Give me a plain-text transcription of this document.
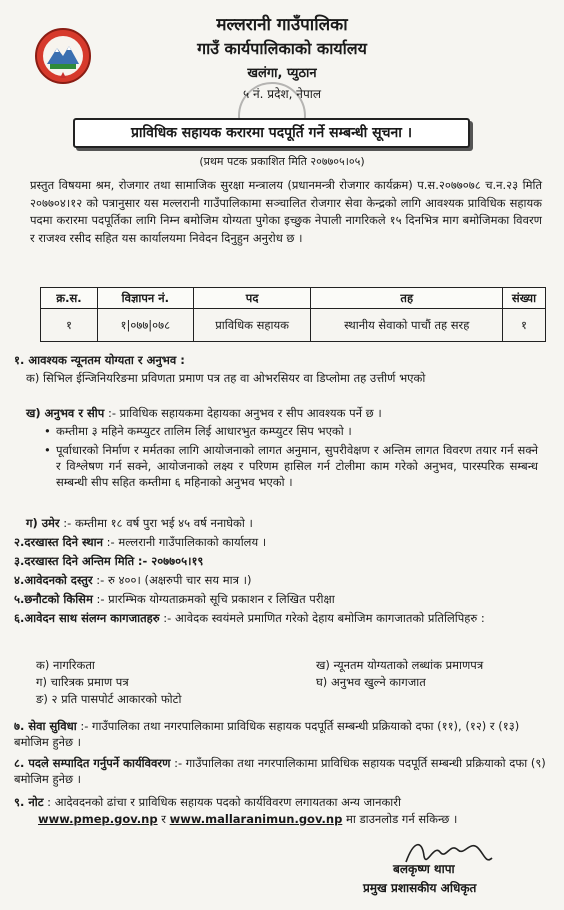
मल्लरानी गाउँपालिका
गाउँ कार्यपालिकाको कार्यालय
खलंगा, प्युठान
५ नं. प्रदेश, नेपाल
प्राविधिक सहायक करारमा पदपूर्ति गर्ने सम्बन्धी सूचना ।
(प्रथम पटक प्रकाशित मिति २०७७०५।०५)
प्रस्तुत विषयमा श्रम, रोजगार तथा सामाजिक सुरक्षा मन्त्रालय (प्रधानमन्त्री रोजगार कार्यक्रम) प.स.२०७७०७८ च.न.२३ मिति २०७७०४।१२ को पत्रानुसार यस मल्लरानी गाउँपालिकामा सञ्चालित रोजगार सेवा केन्द्रको लागि आवश्यक प्राविधिक सहायक पदमा करारमा पदपूर्तिका लागि निम्न बमोजिम योग्यता पुगेका इच्छुक नेपाली नागरिकले १५ दिनभित्र माग बमोजिमका विवरण र राजश्व रसीद सहित यस कार्यालयमा निवेदन दिनुहुन अनुरोध छ ।
क्र.स.	विज्ञापन नं.	पद	तह	संख्या
१	१|०७७|०७८	प्राविधिक सहायक	स्थानीय सेवाको पाचौं तह सरह	१
१. आवश्यक न्यूनतम योग्यता र अनुभव :
क) सिभिल ईन्जिनियरिङमा प्रविणता प्रमाण पत्र तह वा ओभरसियर वा डिप्लोमा तह उत्तीर्ण भएको
ख) अनुभव र सीप :- प्राविधिक सहायकमा देहायका अनुभव र सीप आवश्यक पर्ने छ ।
• कम्तीमा ३ महिने कम्प्युटर तालिम लिई आधारभुत कम्प्युटर सिप भएको ।
• पूर्वाधारको निर्माण र मर्मतका लागि आयोजनाको लागत अनुमान, सुपरीवेक्षण र अन्तिम लागत विवरण तयार गर्न सक्ने र विश्लेषण गर्न सक्ने, आयोजनाको लक्ष्य र परिणम हासिल गर्न टोलीमा काम गरेको अनुभव, पारस्परिक सम्बन्ध सम्बन्धी सीप सहित कम्तीमा ६ महिनाको अनुभव भएको ।
ग) उमेर :- कम्तीमा १८ वर्ष पुरा भई ४५ वर्ष ननाघेको ।
२.दरखास्त दिने स्थान :- मल्लरानी गाउँपालिकाको कार्यालय ।
३.दरखास्त दिने अन्तिम मिति :- २०७७०५।१९
४.आवेदनको दस्तुर :- रु ४००। (अक्षरुपी चार सय मात्र ।)
५.छनौटको किसिम :- प्रारम्भिक योग्यताक्रमको सूचि प्रकाशन र लिखित परीक्षा
६.आवेदन साथ संलग्न कागजातहरु :- आवेदक स्वयंमले प्रमाणित गरेको देहाय बमोजिम कागजातको प्रतिलिपिहरु :
क) नागरिकता	ख) न्यूनतम योग्यताको लब्धांक प्रमाणपत्र
ग) चारित्रक प्रमाण पत्र	घ) अनुभव खुल्ने कागजात
ङ) २ प्रति पासपोर्ट आकारको फोटो
७. सेवा सुविधा :- गाउँपालिका तथा नगरपालिकामा प्राविधिक सहायक पदपूर्ति सम्बन्धी प्रक्रियाको दफा (११), (१२) र (१३) बमोजिम हुनेछ ।
८. पदले सम्पादित गर्नुपर्ने कार्यविवरण :- गाउँपालिका तथा नगरपालिकामा प्राविधिक सहायक पदपूर्ति सम्बन्धी प्रक्रियाको दफा (९) बमोजिम हुनेछ ।
९. नोट : आदेवदनको ढांचा र प्राविधिक सहायक पदको कार्यविवरण लगायतका अन्य जानकारी
www.pmep.gov.np र www.mallaranimun.gov.np मा डाउनलोड गर्न सकिन्छ ।
बलकृष्ण थापा
प्रमुख प्रशासकीय अधिकृत
